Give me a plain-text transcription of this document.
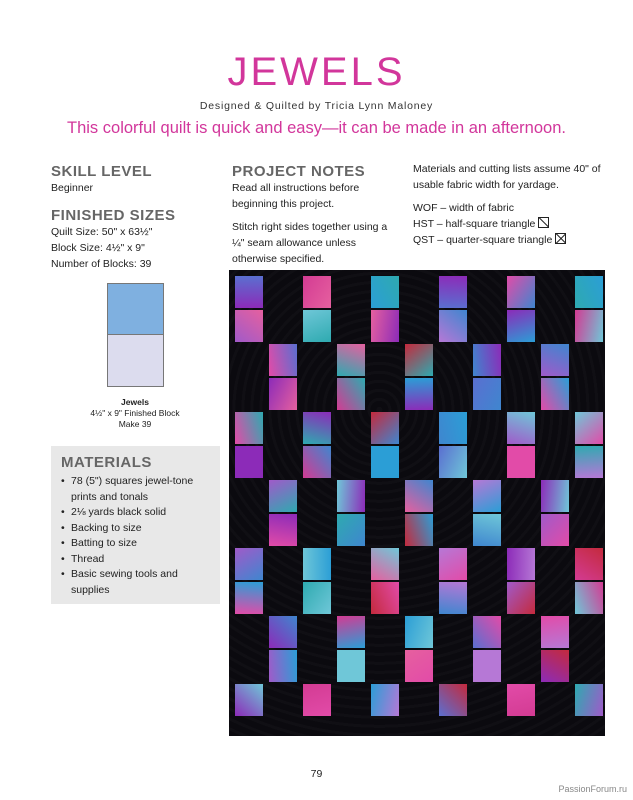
JEWELS
Designed & Quilted by Tricia Lynn Maloney
This colorful quilt is quick and easy—it can be made in an afternoon.
SKILL LEVEL
Beginner
FINISHED SIZES
Quilt Size: 50" x 63½"
Block Size: 4½" x 9"
Number of Blocks: 39
Jewels
4½" x 9" Finished Block
Make 39
PROJECT NOTES
Read all instructions before beginning this project.
Stitch right sides together using a ¼" seam allowance unless otherwise specified.
Materials and cutting lists assume 40" of usable fabric width for yardage.
WOF – width of fabric
HST – half-square triangle
QST – quarter-square triangle
MATERIALS
• 78 (5") squares jewel-tone prints and tonals
• 2⅛ yards black solid
• Backing to size
• Batting to size
• Thread
• Basic sewing tools and supplies
79
PassionForum.ru
